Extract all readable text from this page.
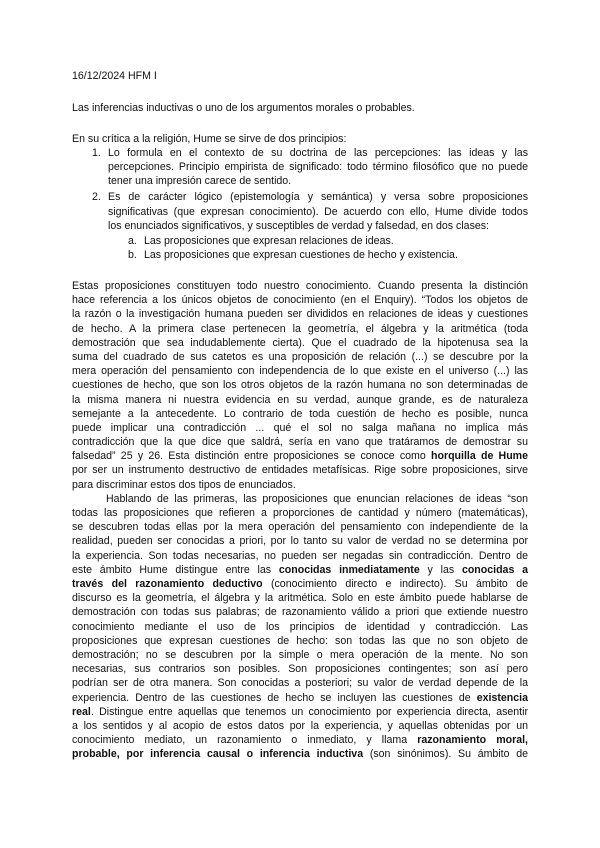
16/12/2024 HFM I
Las inferencias inductivas o uno de los argumentos morales o probables.
En su crítica a la religión, Hume se sirve de dos principios:
1. Lo formula en el contexto de su doctrina de las percepciones: las ideas y las
percepciones. Principio empirista de significado: todo término filosófico que no puede
tener una impresión carece de sentido.
2. Es de carácter lógico (epistemología y semántica) y versa sobre proposiciones
significativas (que expresan conocimiento). De acuerdo con ello, Hume divide todos
los enunciados significativos, y susceptibles de verdad y falsedad, en dos clases:
a. Las proposiciones que expresan relaciones de ideas.
b. Las proposiciones que expresan cuestiones de hecho y existencia.
Estas proposiciones constituyen todo nuestro conocimiento. Cuando presenta la distinción
hace referencia a los únicos objetos de conocimiento (en el Enquiry). “Todos los objetos de
la razón o la investigación humana pueden ser divididos en relaciones de ideas y cuestiones
de hecho. A la primera clase pertenecen la geometría, el álgebra y la aritmética (toda
demostración que sea indudablemente cierta). Que el cuadrado de la hipotenusa sea la
suma del cuadrado de sus catetos es una proposición de relación (...) se descubre por la
mera operación del pensamiento con independencia de lo que existe en el universo (...) las
cuestiones de hecho, que son los otros objetos de la razón humana no son determinadas de
la misma manera ni nuestra evidencia en su verdad, aunque grande, es de naturaleza
semejante a la antecedente. Lo contrario de toda cuestión de hecho es posible, nunca
puede implicar una contradicción ... qué el sol no salga mañana no implica más
contradicción que la que dice que saldrá, sería en vano que tratáramos de demostrar su
falsedad” 25 y 26. Esta distinción entre proposiciones se conoce como horquilla de Hume
por ser un instrumento destructivo de entidades metafísicas. Rige sobre proposiciones, sirve
para discriminar estos dos tipos de enunciados.
Hablando de las primeras, las proposiciones que enuncian relaciones de ideas “son
todas las proposiciones que refieren a proporciones de cantidad y número (matemáticas),
se descubren todas ellas por la mera operación del pensamiento con independiente de la
realidad, pueden ser conocidas a priori, por lo tanto su valor de verdad no se determina por
la experiencia. Son todas necesarias, no pueden ser negadas sin contradicción. Dentro de
este ámbito Hume distingue entre las conocidas inmediatamente y las conocidas a
través del razonamiento deductivo (conocimiento directo e indirecto). Su ámbito de
discurso es la geometría, el álgebra y la aritmética. Solo en este ámbito puede hablarse de
demostración con todas sus palabras; de razonamiento válido a priori que extiende nuestro
conocimiento mediante el uso de los principios de identidad y contradicción. Las
proposiciones que expresan cuestiones de hecho: son todas las que no son objeto de
demostración; no se descubren por la simple o mera operación de la mente. No son
necesarias, sus contrarios son posibles. Son proposiciones contingentes; son así pero
podrían ser de otra manera. Son conocidas a posteriori; su valor de verdad depende de la
experiencia. Dentro de las cuestiones de hecho se incluyen las cuestiones de existencia
real. Distingue entre aquellas que tenemos un conocimiento por experiencia directa, asentir
a los sentidos y al acopio de estos datos por la experiencia, y aquellas obtenidas por un
conocimiento mediato, un razonamiento o inmediato, y llama razonamiento moral,
probable, por inferencia causal o inferencia inductiva (son sinónimos). Su ámbito de
